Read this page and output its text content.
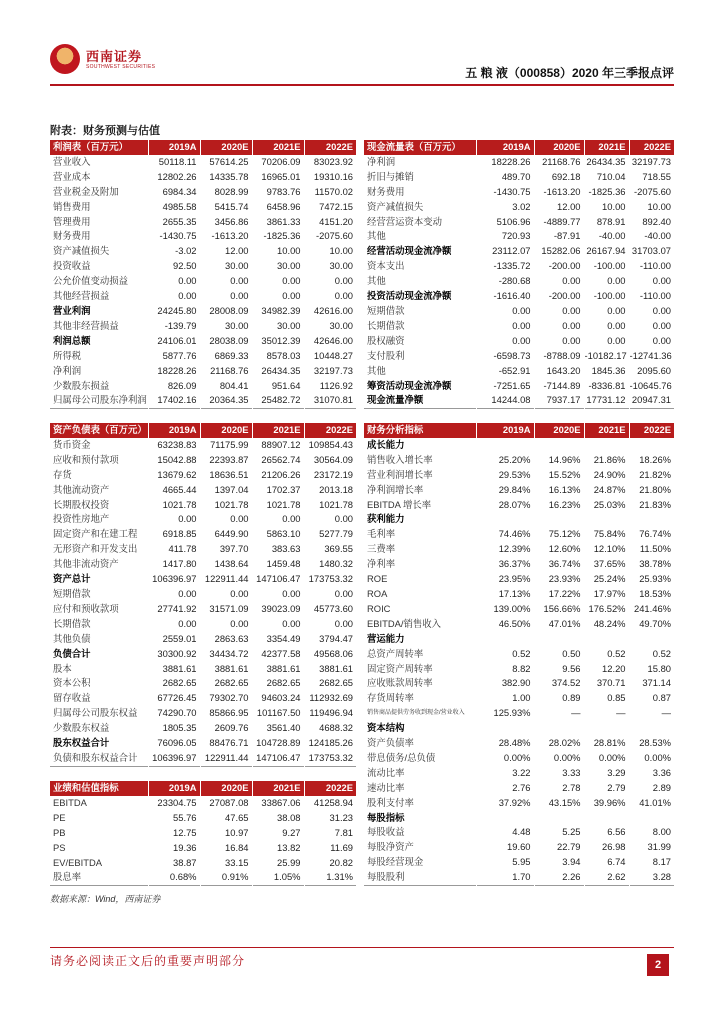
西南证券
SOUTHWEST SECURITIES	五 粮 液（000858）2020 年三季报点评
附表：财务预测与估值
利润表（百万元）	2019A	2020E	2021E	2022E
营业收入	50118.11	57614.25	70206.09	83023.92
营业成本	12802.26	14335.78	16965.01	19310.16
营业税金及附加	6984.34	8028.99	9783.76	11570.02
销售费用	4985.58	5415.74	6458.96	7472.15
管理费用	2655.35	3456.86	3861.33	4151.20
财务费用	-1430.75	-1613.20	-1825.36	-2075.60
资产减值损失	-3.02	12.00	10.00	10.00
投资收益	92.50	30.00	30.00	30.00
公允价值变动损益	0.00	0.00	0.00	0.00
其他经营损益	0.00	0.00	0.00	0.00
营业利润	24245.80	28008.09	34982.39	42616.00
其他非经营损益	-139.79	30.00	30.00	30.00
利润总额	24106.01	28038.09	35012.39	42646.00
所得税	5877.76	6869.33	8578.03	10448.27
净利润	18228.26	21168.76	26434.35	32197.73
少数股东损益	826.09	804.41	951.64	1126.92
归属母公司股东净利润	17402.16	20364.35	25482.72	31070.81
现金流量表（百万元）	2019A	2020E	2021E	2022E
净利润	18228.26	21168.76	26434.35	32197.73
折旧与摊销	489.70	692.18	710.04	718.55
财务费用	-1430.75	-1613.20	-1825.36	-2075.60
资产减值损失	3.02	12.00	10.00	10.00
经营营运资本变动	5106.96	-4889.77	878.91	892.40
其他	720.93	-87.91	-40.00	-40.00
经营活动现金流净额	23112.07	15282.06	26167.94	31703.07
资本支出	-1335.72	-200.00	-100.00	-110.00
其他	-280.68	0.00	0.00	0.00
投资活动现金流净额	-1616.40	-200.00	-100.00	-110.00
短期借款	0.00	0.00	0.00	0.00
长期借款	0.00	0.00	0.00	0.00
股权融资	0.00	0.00	0.00	0.00
支付股利	-6598.73	-8788.09	-10182.17	-12741.36
其他	-652.91	1643.20	1845.36	2095.60
筹资活动现金流净额	-7251.65	-7144.89	-8336.81	-10645.76
现金流量净额	14244.08	7937.17	17731.12	20947.31
资产负债表（百万元）	2019A	2020E	2021E	2022E
货币资金	63238.83	71175.99	88907.12	109854.43
应收和预付款项	15042.88	22393.87	26562.74	30564.09
存货	13679.62	18636.51	21206.26	23172.19
其他流动资产	4665.44	1397.04	1702.37	2013.18
长期股权投资	1021.78	1021.78	1021.78	1021.78
投资性房地产	0.00	0.00	0.00	0.00
固定资产和在建工程	6918.85	6449.90	5863.10	5277.79
无形资产和开发支出	411.78	397.70	383.63	369.55
其他非流动资产	1417.80	1438.64	1459.48	1480.32
资产总计	106396.97	122911.44	147106.47	173753.32
短期借款	0.00	0.00	0.00	0.00
应付和预收款项	27741.92	31571.09	39023.09	45773.60
长期借款	0.00	0.00	0.00	0.00
其他负债	2559.01	2863.63	3354.49	3794.47
负债合计	30300.92	34434.72	42377.58	49568.06
股本	3881.61	3881.61	3881.61	3881.61
资本公积	2682.65	2682.65	2682.65	2682.65
留存收益	67726.45	79302.70	94603.24	112932.69
归属母公司股东权益	74290.70	85866.95	101167.50	119496.94
少数股东权益	1805.35	2609.76	3561.40	4688.32
股东权益合计	76096.05	88476.71	104728.89	124185.26
负债和股东权益合计	106396.97	122911.44	147106.47	173753.32
财务分析指标	2019A	2020E	2021E	2022E
成长能力				
销售收入增长率	25.20%	14.96%	21.86%	18.26%
营业利润增长率	29.53%	15.52%	24.90%	21.82%
净利润增长率	29.84%	16.13%	24.87%	21.80%
EBITDA 增长率	28.07%	16.23%	25.03%	21.83%
获利能力				
毛利率	74.46%	75.12%	75.84%	76.74%
三费率	12.39%	12.60%	12.10%	11.50%
净利率	36.37%	36.74%	37.65%	38.78%
ROE	23.95%	23.93%	25.24%	25.93%
ROA	17.13%	17.22%	17.97%	18.53%
ROIC	139.00%	156.66%	176.52%	241.46%
EBITDA/销售收入	46.50%	47.01%	48.24%	49.70%
营运能力				
总资产周转率	0.52	0.50	0.52	0.52
固定资产周转率	8.82	9.56	12.20	15.80
应收账款周转率	382.90	374.52	370.71	371.14
存货周转率	1.00	0.89	0.85	0.87
销售商品提供劳务收到现金/营业收入	125.93%	—	—	—
资本结构				
资产负债率	28.48%	28.02%	28.81%	28.53%
带息债务/总负债	0.00%	0.00%	0.00%	0.00%
流动比率	3.22	3.33	3.29	3.36
速动比率	2.76	2.78	2.79	2.89
股利支付率	37.92%	43.15%	39.96%	41.01%
每股指标				
每股收益	4.48	5.25	6.56	8.00
每股净资产	19.60	22.79	26.98	31.99
每股经营现金	5.95	3.94	6.74	8.17
每股股利	1.70	2.26	2.62	3.28
业绩和估值指标	2019A	2020E	2021E	2022E
EBITDA	23304.75	27087.08	33867.06	41258.94
PE	55.76	47.65	38.08	31.23
PB	12.75	10.97	9.27	7.81
PS	19.36	16.84	13.82	11.69
EV/EBITDA	38.87	33.15	25.99	20.82
股息率	0.68%	0.91%	1.05%	1.31%
数据来源：Wind，西南证券
请务必阅读正文后的重要声明部分	2
